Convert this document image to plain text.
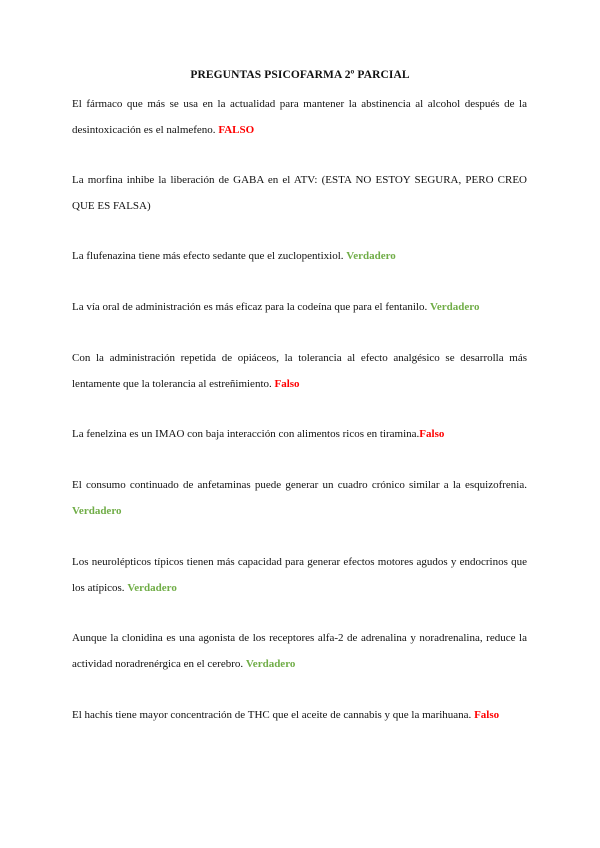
PREGUNTAS PSICOFARMA 2º PARCIAL

El fármaco que más se usa en la actualidad para mantener la abstinencia al alcohol después de la desintoxicación es el nalmefeno. FALSO

La morfina inhibe la liberación de GABA en el ATV: (ESTA NO ESTOY SEGURA, PERO CREO QUE ES FALSA)

La flufenazina tiene más efecto sedante que el zuclopentixiol. Verdadero

La vía oral de administración es más eficaz para la codeína que para el fentanilo. Verdadero

Con la administración repetida de opiáceos, la tolerancia al efecto analgésico se desarrolla más lentamente que la tolerancia al estreñimiento. Falso

La fenelzina es un IMAO con baja interacción con alimentos ricos en tiramina.Falso

El consumo continuado de anfetaminas puede generar un cuadro crónico similar a la esquizofrenia. Verdadero

Los neurolépticos típicos tienen más capacidad para generar efectos motores agudos y endocrinos que los atípicos. Verdadero

Aunque la clonidina es una agonista de los receptores alfa-2 de adrenalina y noradrenalina, reduce la actividad noradrenérgica en el cerebro. Verdadero

El hachís tiene mayor concentración de THC que el aceite de cannabis y que la marihuana. Falso
